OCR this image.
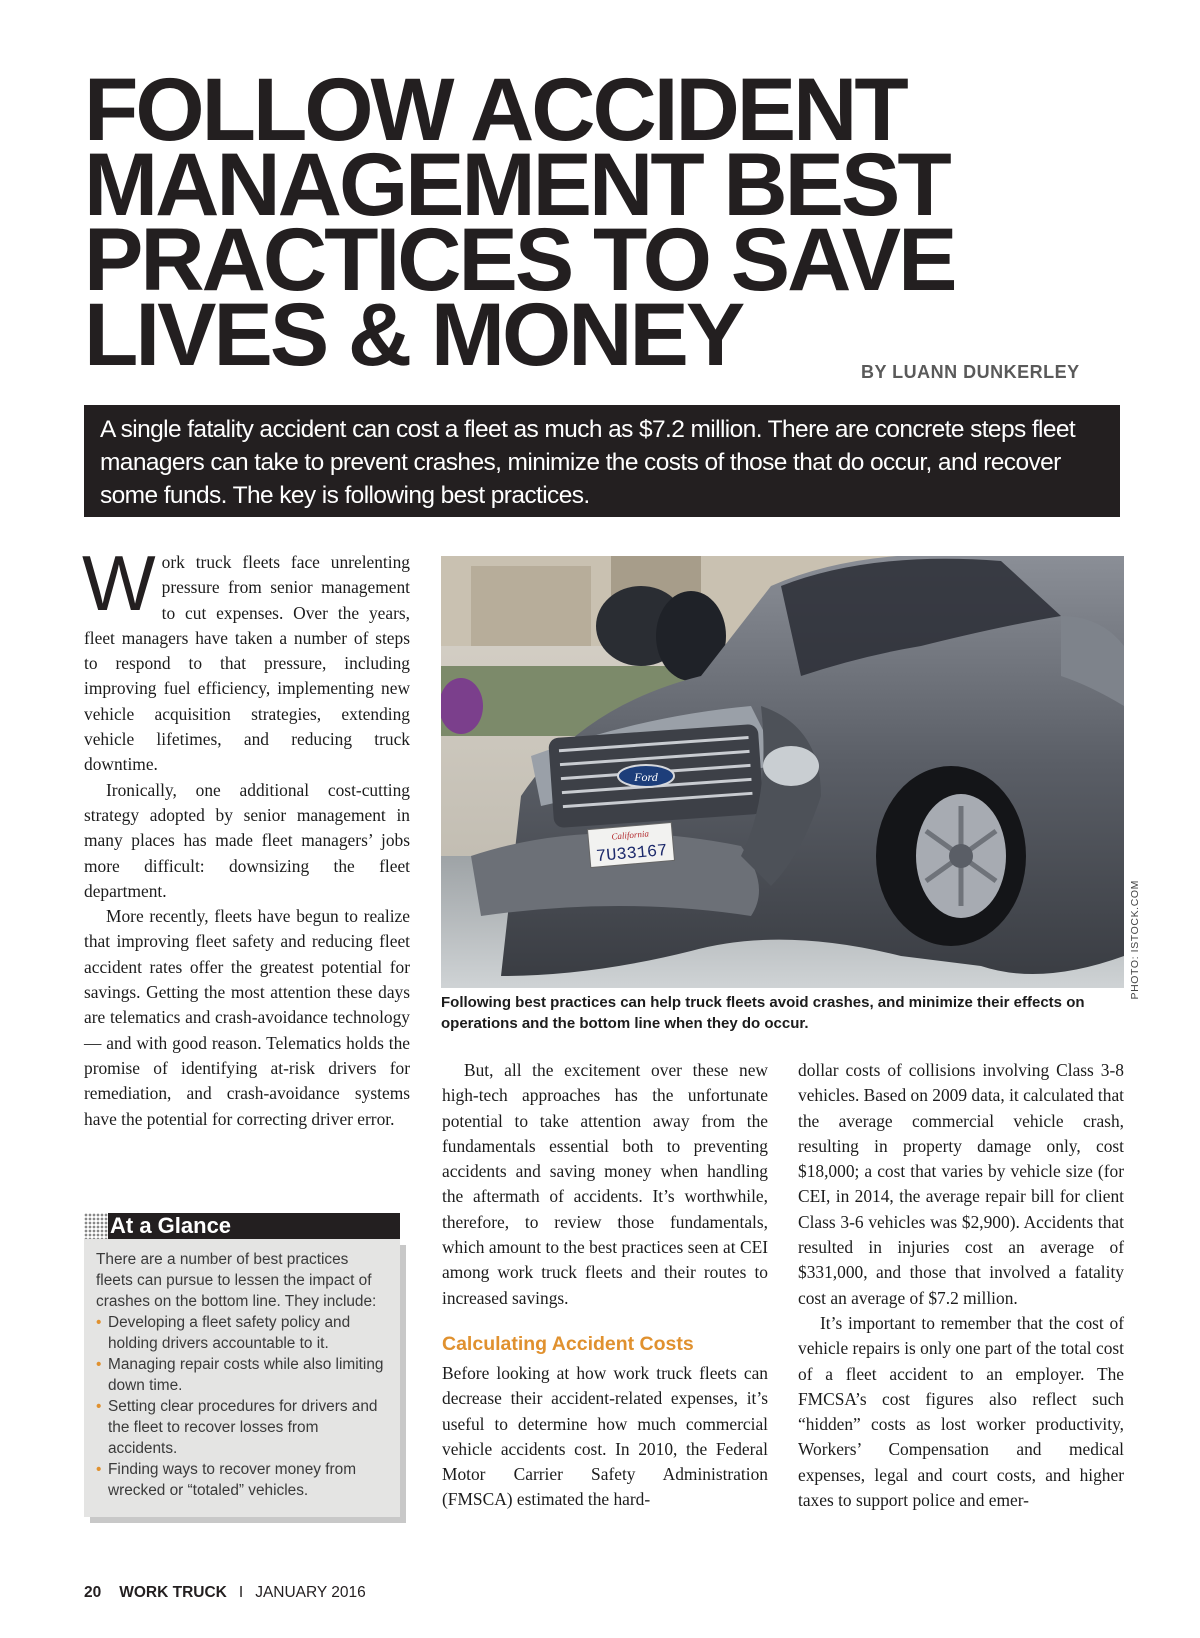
FOLLOW ACCIDENT
MANAGEMENT BEST
PRACTICES TO SAVE
LIVES & MONEY	BY LUANN DUNKERLEY
A single fatality accident can cost a fleet as much as $7.2 million. There are concrete steps fleet managers can take to prevent crashes, minimize the costs of those that do occur, and recover some funds. The key is following best practices.

Work truck fleets face unrelenting pressure from senior management to cut expenses. Over the years, fleet managers have taken a number of steps to respond to that pressure, including improving fuel efficiency, implementing new vehicle acquisition strategies, extending vehicle lifetimes, and reducing truck downtime.

Ironically, one additional cost-cutting strategy adopted by senior management in many places has made fleet managers’ jobs more difficult: downsizing the fleet department.

More recently, fleets have begun to realize that improving fleet safety and reducing fleet accident rates offer the greatest potential for savings. Getting the most attention these days are telematics and crash-avoidance technology — and with good reason. Telematics holds the promise of identifying at-risk drivers for remediation, and crash-avoidance systems have the potential for correcting driver error.

Ford
California
7U33167
PHOTO: ISTOCK.COM
Following best practices can help truck fleets avoid crashes, and minimize their effects on operations and the bottom line when they do occur.

But, all the excitement over these new high-tech approaches has the unfortunate potential to take attention away from the fundamentals essential both to preventing accidents and saving money when handling the aftermath of accidents. It’s worthwhile, therefore, to review those fundamentals, which amount to the best practices seen at CEI among work truck fleets and their routes to increased savings.

Calculating Accident Costs

Before looking at how work truck fleets can decrease their accident-related expenses, it’s useful to determine how much commercial vehicle accidents cost. In 2010, the Federal Motor Carrier Safety Administration (FMSCA) estimated the hard-

dollar costs of collisions involving Class 3-8 vehicles. Based on 2009 data, it calculated that the average commercial vehicle crash, resulting in property damage only, cost $18,000; a cost that varies by vehicle size (for CEI, in 2014, the average repair bill for client Class 3-6 vehicles was $2,900). Accidents that resulted in injuries cost an average of $331,000, and those that involved a fatality cost an average of $7.2 million.

It’s important to remember that the cost of vehicle repairs is only one part of the total cost of a fleet accident to an employer. The FMCSA’s cost figures also reflect such “hidden” costs as lost worker productivity, Workers’ Compensation and medical expenses, legal and court costs, and higher taxes to support police and emer-

At a Glance
There are a number of best practices fleets can pursue to lessen the impact of crashes on the bottom line. They include:
• Developing a fleet safety policy and holding drivers accountable to it.
• Managing repair costs while also limiting down time.
• Setting clear procedures for drivers and the fleet to recover losses from accidents.
• Finding ways to recover money from wrecked or “totaled” vehicles.
20 WORK TRUCK I JANUARY 2016
